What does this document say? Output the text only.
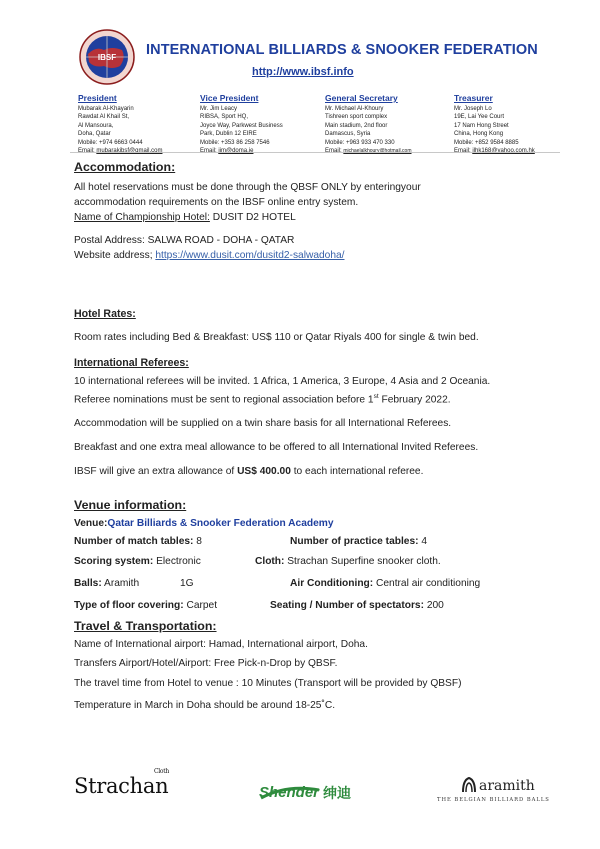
IBSF INTERNATIONAL BILLIARDS & SNOOKER FEDERATION
http://www.ibsf.info
President
Mubarak Al-Khayarin
Rawdat Al Khail St,
Al Mansoura,
Doha, Qatar
Mobile: +974 6663 0444
Email: mubarakibsf@gmail.com
Vice President
Mr. Jim Leacy
RIBSA, Sport HQ,
Joyce Way, Parkwest Business
Park, Dublin 12 EIRE
Mobile: +353 86 258 7546
Email: jim@doma.ie
General Secretary
Mr. Michael Al-Khoury
Tishreen sport complex
Main stadium, 2nd floor
Damascus, Syria
Mobile: +963 933 470 330
Email: michaelalkhoury@hotmail.com
Treasurer
Mr. Joseph Lo
19E, Lai Yee Court
17 Nam Hong Street
China, Hong Kong
Mobile: +852 9584 8885
Email: jlhk168@yahoo.com.hk
Accommodation:
All hotel reservations must be done through the QBSF ONLY by enteringyour
accommodation requirements on the IBSF online entry system.
Name of Championship Hotel: DUSIT D2 HOTEL
Postal Address: SALWA ROAD - DOHA - QATAR
Website address; https://www.dusit.com/dusitd2-salwadoha/
Hotel Rates:
Room rates including Bed & Breakfast: US$ 110 or Qatar Riyals 400 for single & twin bed.
International Referees:
10 international referees will be invited. 1 Africa, 1 America, 3 Europe, 4 Asia and 2 Oceania.
Referee nominations must be sent to regional association before 1st February 2022.
Accommodation will be supplied on a twin share basis for all International Referees.
Breakfast and one extra meal allowance to be offered to all International Invited Referees.
IBSF will give an extra allowance of US$ 400.00 to each international referee.
Venue information:
Venue:Qatar Billiards & Snooker Federation Academy
Number of match tables: 8	Number of practice tables: 4
Scoring system: Electronic	Cloth: Strachan Superfine snooker cloth.
Balls: Aramith	1G	Air Conditioning: Central air conditioning
Type of floor covering: Carpet	Seating / Number of spectators: 200
Travel & Transportation:
Name of International airport: Hamad, International airport, Doha.
Transfers Airport/Hotel/Airport: Free Pick-n-Drop by QBSF.
The travel time from Hotel to venue : 10 Minutes (Transport will be provided by QBSF)
Temperature in March in Doha should be around 18-25˚C.
Strachan
Cloth
Shender 绅迪	aramith
THE BELGIAN BILLIARD BALLS
